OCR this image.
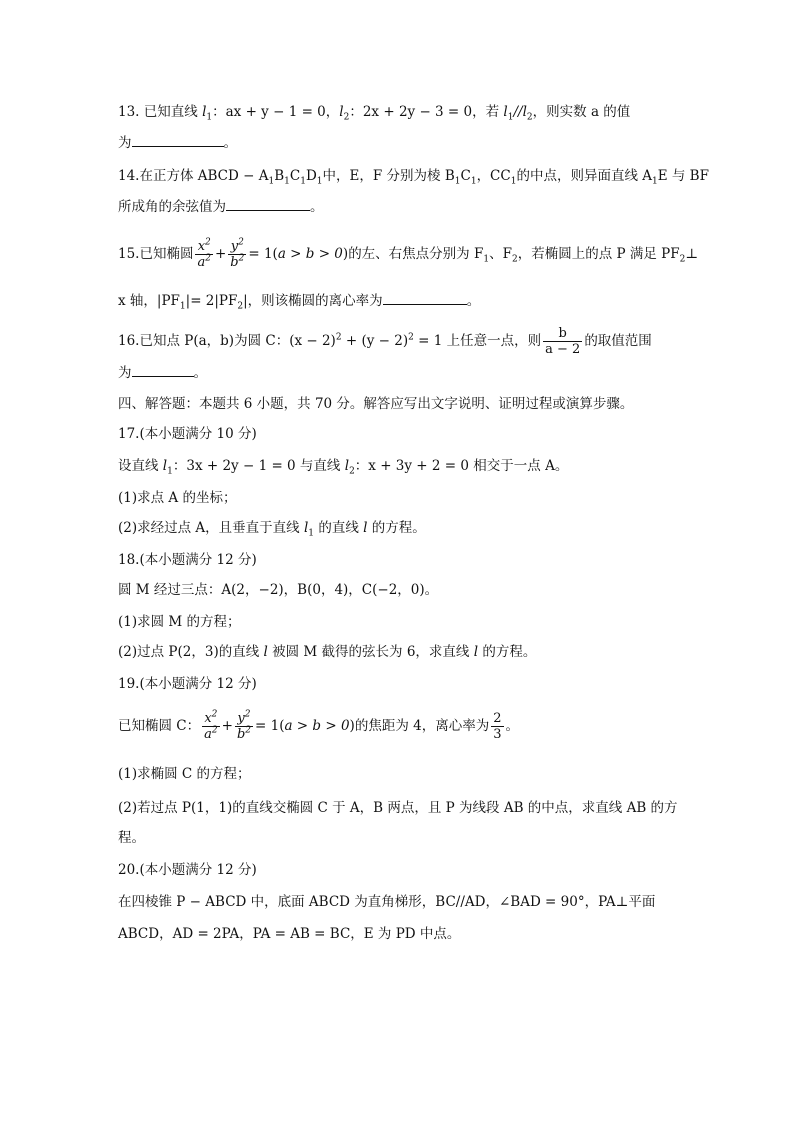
13. 已知直线 $l_1$：ax + y − 1 = 0，$l_2$：2x + 2y − 3 = 0，若 $l_1//l_2$，则实数 a 的值
为	。
14.在正方体 ABCD − $A_1B_1C_1D_1$中，E，F 分别为棱 $B_1C_1$，$CC_1$的中点，则异面直线 $A_1E$ 与 BF
所成角的余弦值为	。
15.已知椭圆 $\frac{x^2}{a^2} + \frac{y^2}{b^2} = 1(a > b > 0)$的左、右焦点分别为 $F_1$、$F_2$，若椭圆上的点 P 满足 $PF_2\perp$
x 轴，$|PF_1|= 2|PF_2|$，则该椭圆的离心率为	。
16.已知点 P(a，b)为圆 C：$(x - 2)^2 + (y - 2)^2 = 1$ 上任意一点，则 $\frac{b}{a - 2}$ 的取值范围
为	。
四、解答题：本题共 6 小题，共 70 分。解答应写出文字说明、证明过程或演算步骤。
17.(本小题满分 10 分)
设直线 $l_1$：3x + 2y − 1 = 0 与直线 $l_2$：x + 3y + 2 = 0 相交于一点 A。
(1)求点 A 的坐标；
(2)求经过点 A，且垂直于直线 $l_1$ 的直线 l 的方程。
18.(本小题满分 12 分)
圆 M 经过三点：A(2，−2)，B(0，4)，C(−2，0)。
(1)求圆 M 的方程；
(2)过点 P(2，3)的直线 l 被圆 M 截得的弦长为 6，求直线 l 的方程。
19.(本小题满分 12 分)
已知椭圆 C： $\frac{x^2}{a^2} + \frac{y^2}{b^2} = 1(a > b > 0)$的焦距为 4，离心率为 $\frac{2}{3}$ 。
(1)求椭圆 C 的方程；
(2)若过点 P(1，1)的直线交椭圆 C 于 A，B 两点，且 P 为线段 AB 的中点，求直线 AB 的方
程。
20.(本小题满分 12 分)
在四棱锥 P − ABCD 中，底面 ABCD 为直角梯形，BC//AD，∠BAD = 90°，PA⊥平面
ABCD，AD = 2PA，PA = AB = BC，E 为 PD 中点。
